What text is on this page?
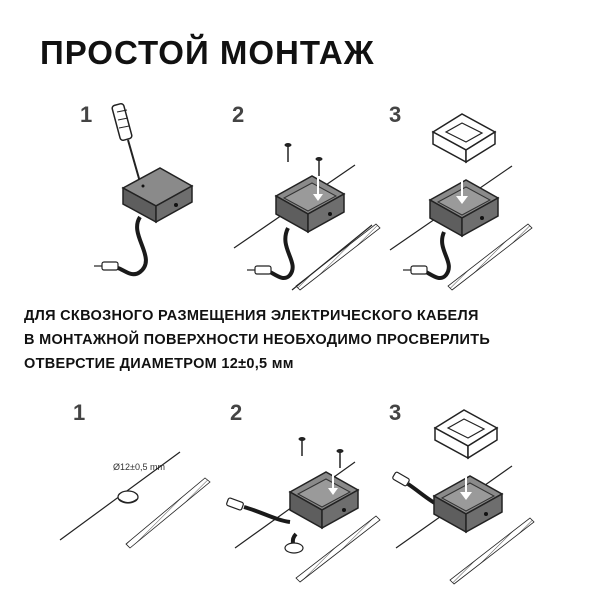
ПРОСТОЙ МОНТАЖ
1	2	3
1	2	3
ДЛЯ СКВОЗНОГО РАЗМЕЩЕНИЯ ЭЛЕКТРИЧЕСКОГО КАБЕЛЯ
В МОНТАЖНОЙ ПОВЕРХНОСТИ НЕОБХОДИМО ПРОСВЕРЛИТЬ
ОТВЕРСТИЕ ДИАМЕТРОМ 12±0,5 мм
Ø12±0,5 mm
